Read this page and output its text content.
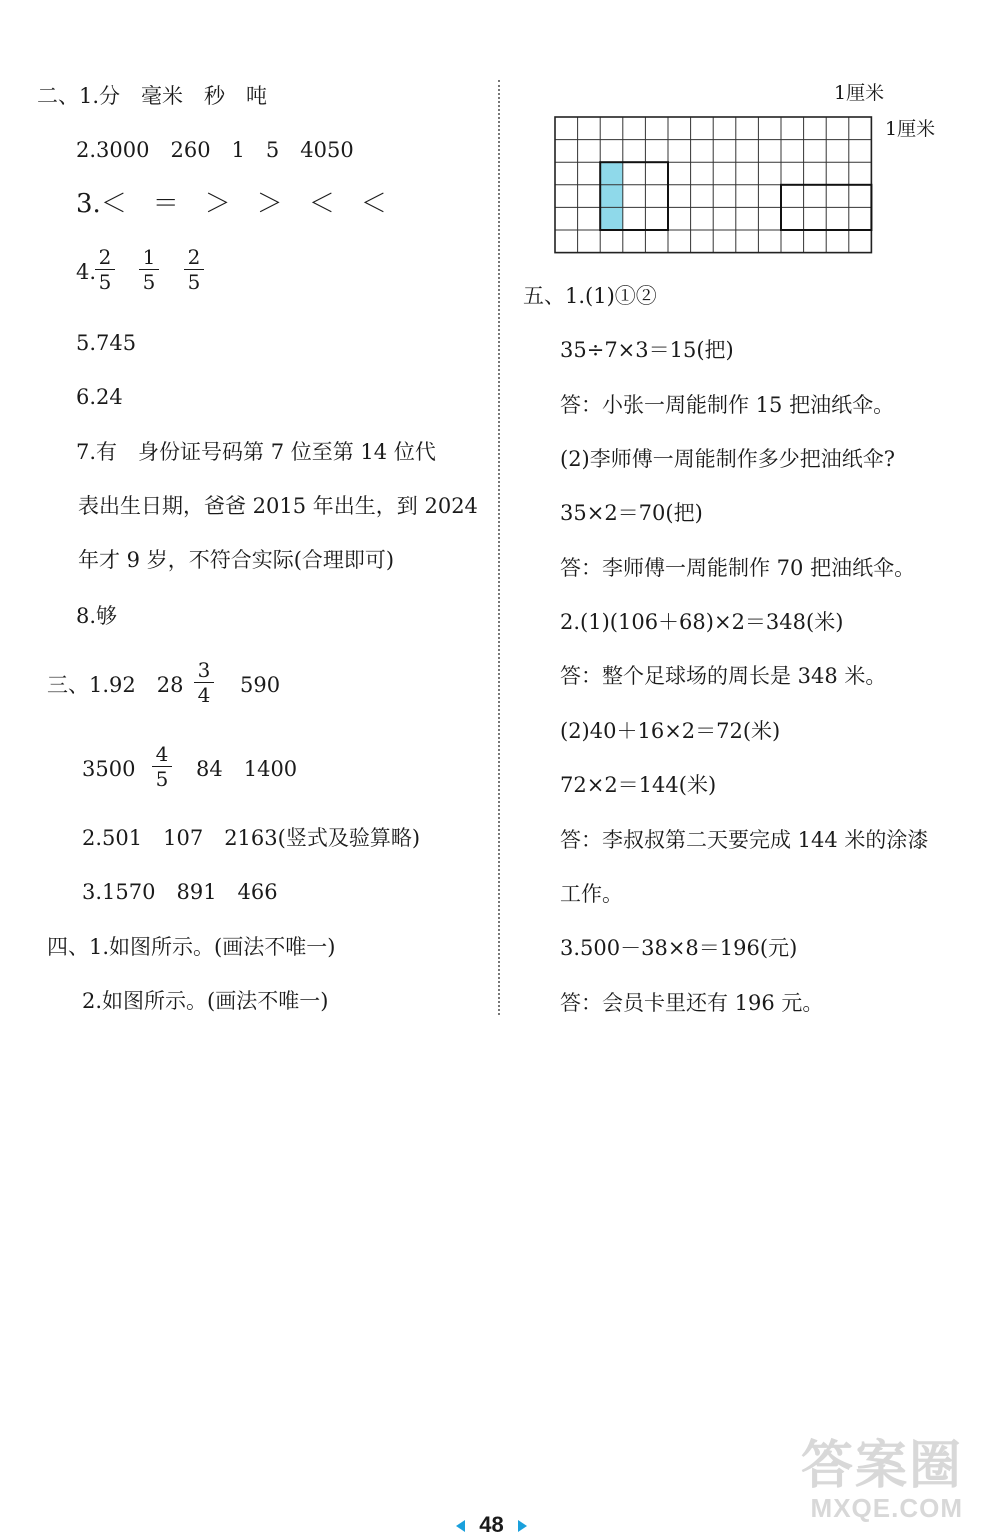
二、1.分　毫米　秒　吨
2.3000　260　1　5　4050
3.＜　＝　＞　＞　＜　＜
4.
2
5
1
5
2
5
5.745
6.24
7.有　身份证号码第 7 位至第 14 位代
表出生日期，爸爸 2015 年出生，到 2024
年才 9 岁，不符合实际(合理即可)
8.够
三、1.92　28
3
4 590
3500
4
5 84　1400
2.501　107　2163(竖式及验算略)
3.1570　891　466
四、1.如图所示。(画法不唯一)
2.如图所示。(画法不唯一)
1厘米
1厘米
五、1.(1)①②
35÷7×3＝15(把)
答：小张一周能制作 15 把油纸伞。
(2)李师傅一周能制作多少把油纸伞?
35×2＝70(把)
答：李师傅一周能制作 70 把油纸伞。
2.(1)(106＋68)×2＝348(米)
答：整个足球场的周长是 348 米。
(2)40＋16×2＝72(米)
72×2＝144(米)
答：李叔叔第二天要完成 144 米的涂漆
工作。
3.500－38×8＝196(元)
答：会员卡里还有 196 元。
48
答案圈
MXQE.COM
